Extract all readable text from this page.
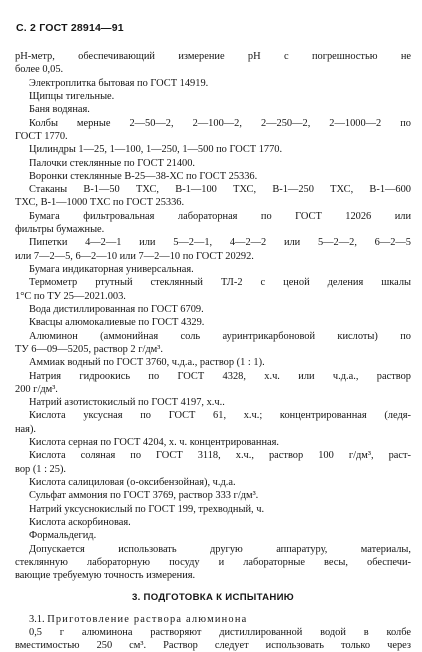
С. 2 ГОСТ 28914—91
рН-метр, обеспечивающий измерение рН с погрешностью не
более 0,05.
Электроплитка бытовая по ГОСТ 14919.
Щипцы тигельные.
Баня водяная.
Колбы мерные 2—50—2, 2—100—2, 2—250—2, 2—1000—2 по
ГОСТ 1770.
Цилиндры 1—25, 1—100, 1—250, 1—500 по ГОСТ 1770.
Палочки стеклянные по ГОСТ 21400.
Воронки стеклянные В-25—38-ХС по ГОСТ 25336.
Стаканы В-1—50 ТХС, В-1—100 ТХС, В-1—250 ТХС, В-1—600
ТХС, В-1—1000 ТХС по ГОСТ 25336.
Бумага фильтровальная лабораторная по ГОСТ 12026 или
фильтры бумажные.
Пипетки 4—2—1 или 5—2—1, 4—2—2 или 5—2—2, 6—2—5
или 7—2—5, 6—2—10 или 7—2—10 по ГОСТ 20292.
Бумага индикаторная универсальная.
Термометр ртутный стеклянный ТЛ-2 с ценой деления шкалы
1°С по ТУ 25—2021.003.
Вода дистиллированная по ГОСТ 6709.
Квасцы алюмокалиевые по ГОСТ 4329.
Алюминон (аммонийная соль ауринтрикарбоновой кислоты) по
ТУ 6—09—5205, раствор 2 г/дм³.
Аммиак водный по ГОСТ 3760, ч.д.а., раствор (1 : 1).
Натрия гидроокись по ГОСТ 4328, х.ч. или ч.д.а., раствор
200 г/дм³.
Натрий азотистокислый по ГОСТ 4197, х.ч..
Кислота уксусная по ГОСТ 61, х.ч.; концентрированная (ледя-
ная).
Кислота серная по ГОСТ 4204, х. ч. концентрированная.
Кислота соляная по ГОСТ 3118, х.ч., раствор 100 г/дм³, раст-
вор (1 : 25).
Кислота салициловая (о-оксибензойная), ч.д.а.
Сульфат аммония по ГОСТ 3769, раствор 333 г/дм³.
Натрий уксуснокислый по ГОСТ 199, трехводный, ч.
Кислота аскорбиновая.
Формальдегид.
Допускается использовать другую аппаратуру, материалы,
стеклянную лабораторную посуду и лабораторные весы, обеспечи-
вающие требуемую точность измерения.
3. ПОДГОТОВКА К ИСПЫТАНИЮ
3.1. Приготовление раствора алюминона
0,5 г алюминона растворяют дистиллированной водой в колбе
вместимостью 250 см³. Раствор следует использовать только через
